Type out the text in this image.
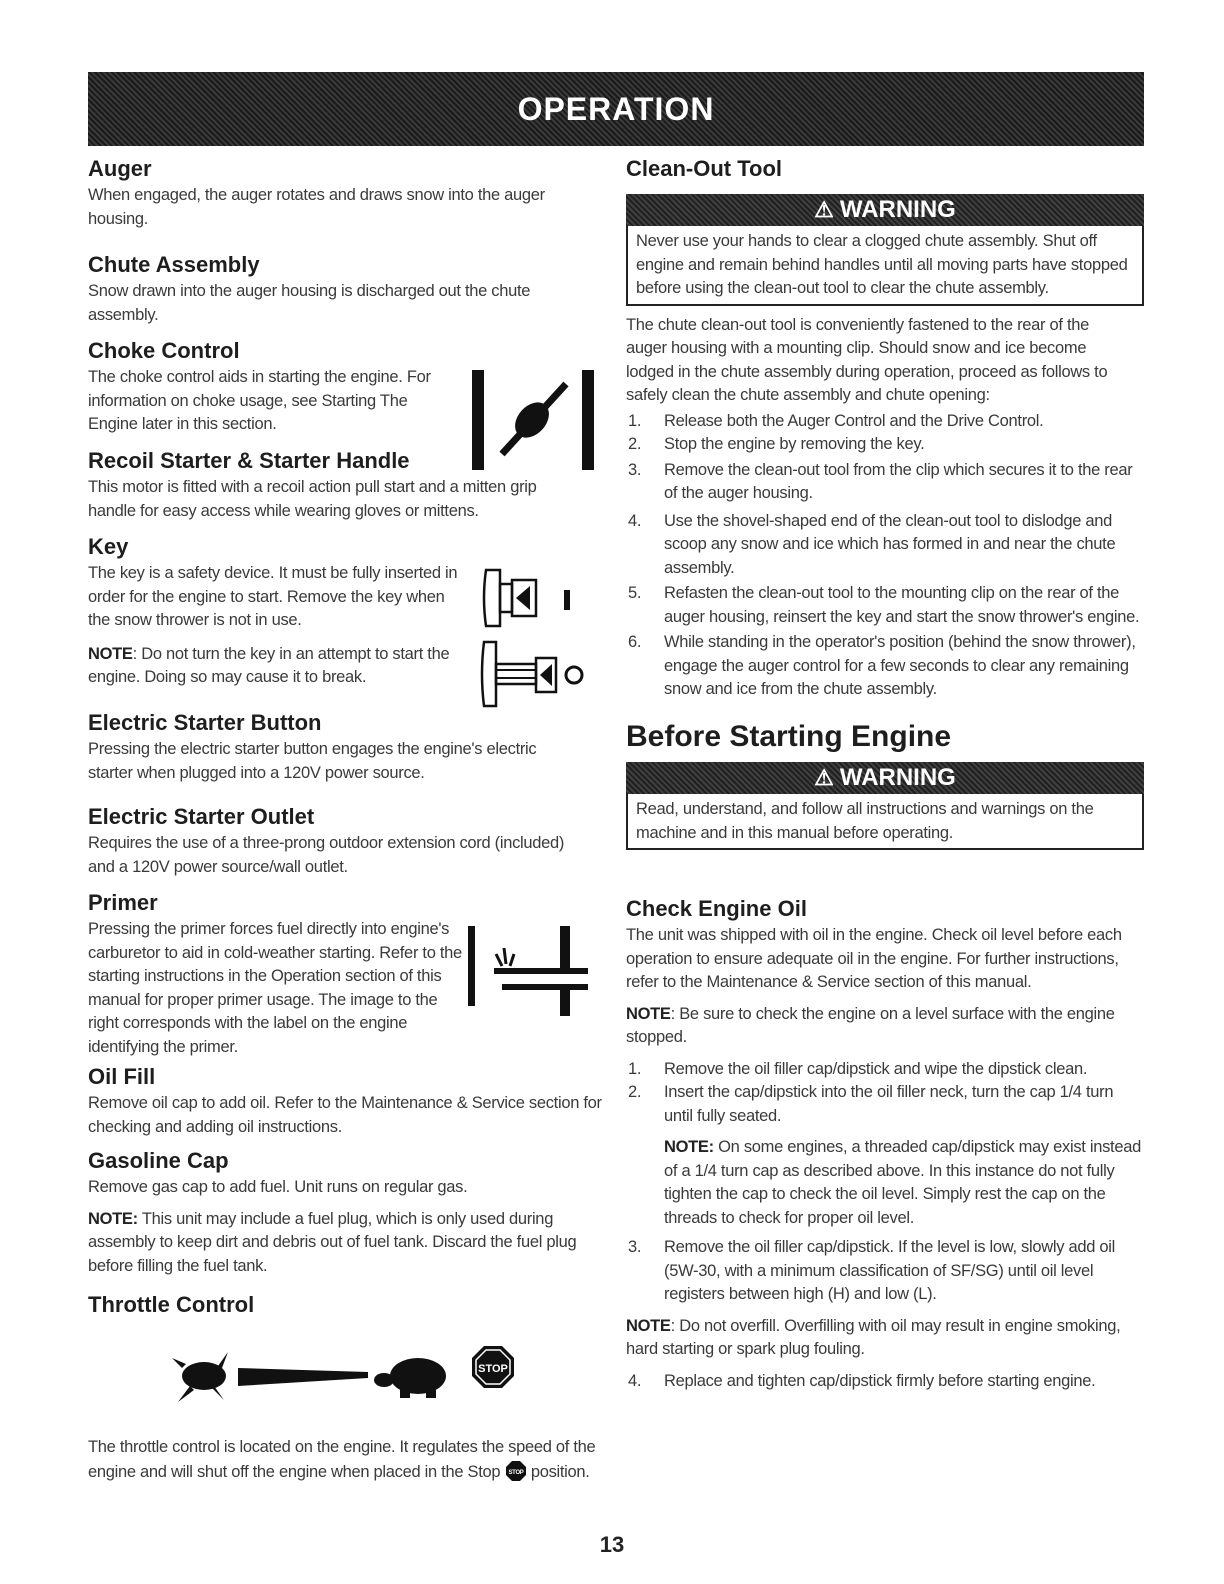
OPERATION
Auger

When engaged, the auger rotates and draws snow into the auger housing.

Chute Assembly

Snow drawn into the auger housing is discharged out the chute assembly.

Choke Control

The choke control aids in starting the engine. For information on choke usage, see Starting The Engine later in this section.

Recoil Starter & Starter Handle

This motor is fitted with a recoil action pull start and a mitten grip handle for easy access while wearing gloves or mittens.

Key

The key is a safety device. It must be fully inserted in order for the engine to start. Remove the key when the snow thrower is not in use.

NOTE: Do not turn the key in an attempt to start the engine. Doing so may cause it to break.

Electric Starter Button

Pressing the electric starter button engages the engine's electric starter when plugged into a 120V power source.

Electric Starter Outlet

Requires the use of a three-prong outdoor extension cord (included) and a 120V power source/wall outlet.

Primer

Pressing the primer forces fuel directly into engine's carburetor to aid in cold-weather starting. Refer to the starting instructions in the Operation section of this manual for proper primer usage. The image to the right corresponds with the label on the engine identifying the primer.

Oil Fill

Remove oil cap to add oil. Refer to the Maintenance & Service section for checking and adding oil instructions.

Gasoline Cap

Remove gas cap to add fuel. Unit runs on regular gas.

NOTE: This unit may include a fuel plug, which is only used during assembly to keep dirt and debris out of fuel tank. Discard the fuel plug before filling the fuel tank.

Throttle Control
STOP

The throttle control is located on the engine. It regulates the speed of the engine and will shut off the engine when placed in the Stop STOP position.

Clean-Out Tool
⚠ WARNING

Never use your hands to clear a clogged chute assembly. Shut off engine and remain behind handles until all moving parts have stopped before using the clean-out tool to clear the chute assembly.

The chute clean-out tool is conveniently fastened to the rear of the auger housing with a mounting clip. Should snow and ice become lodged in the chute assembly during operation, proceed as follows to safely clean the chute assembly and chute opening:

1. Release both the Auger Control and the Drive Control.
2. Stop the engine by removing the key.
3. Remove the clean-out tool from the clip which secures it to the rear of the auger housing.
4. Use the shovel-shaped end of the clean-out tool to dislodge and scoop any snow and ice which has formed in and near the chute assembly.
5. Refasten the clean-out tool to the mounting clip on the rear of the auger housing, reinsert the key and start the snow thrower's engine.
6. While standing in the operator's position (behind the snow thrower), engage the auger control for a few seconds to clear any remaining snow and ice from the chute assembly.
Before Starting Engine
⚠ WARNING

Read, understand, and follow all instructions and warnings on the machine and in this manual before operating.

Check Engine Oil

The unit was shipped with oil in the engine. Check oil level before each operation to ensure adequate oil in the engine. For further instructions, refer to the Maintenance & Service section of this manual.

NOTE: Be sure to check the engine on a level surface with the engine stopped.

1. Remove the oil filler cap/dipstick and wipe the dipstick clean.
2. Insert the cap/dipstick into the oil filler neck, turn the cap 1/4 turn until fully seated.

NOTE: On some engines, a threaded cap/dipstick may exist instead of a 1/4 turn cap as described above. In this instance do not fully tighten the cap to check the oil level. Simply rest the cap on the threads to check for proper oil level.

3. Remove the oil filler cap/dipstick. If the level is low, slowly add oil (5W-30, with a minimum classification of SF/SG) until oil level registers between high (H) and low (L).

NOTE: Do not overfill. Overfilling with oil may result in engine smoking, hard starting or spark plug fouling.

4. Replace and tighten cap/dipstick firmly before starting engine.
13
